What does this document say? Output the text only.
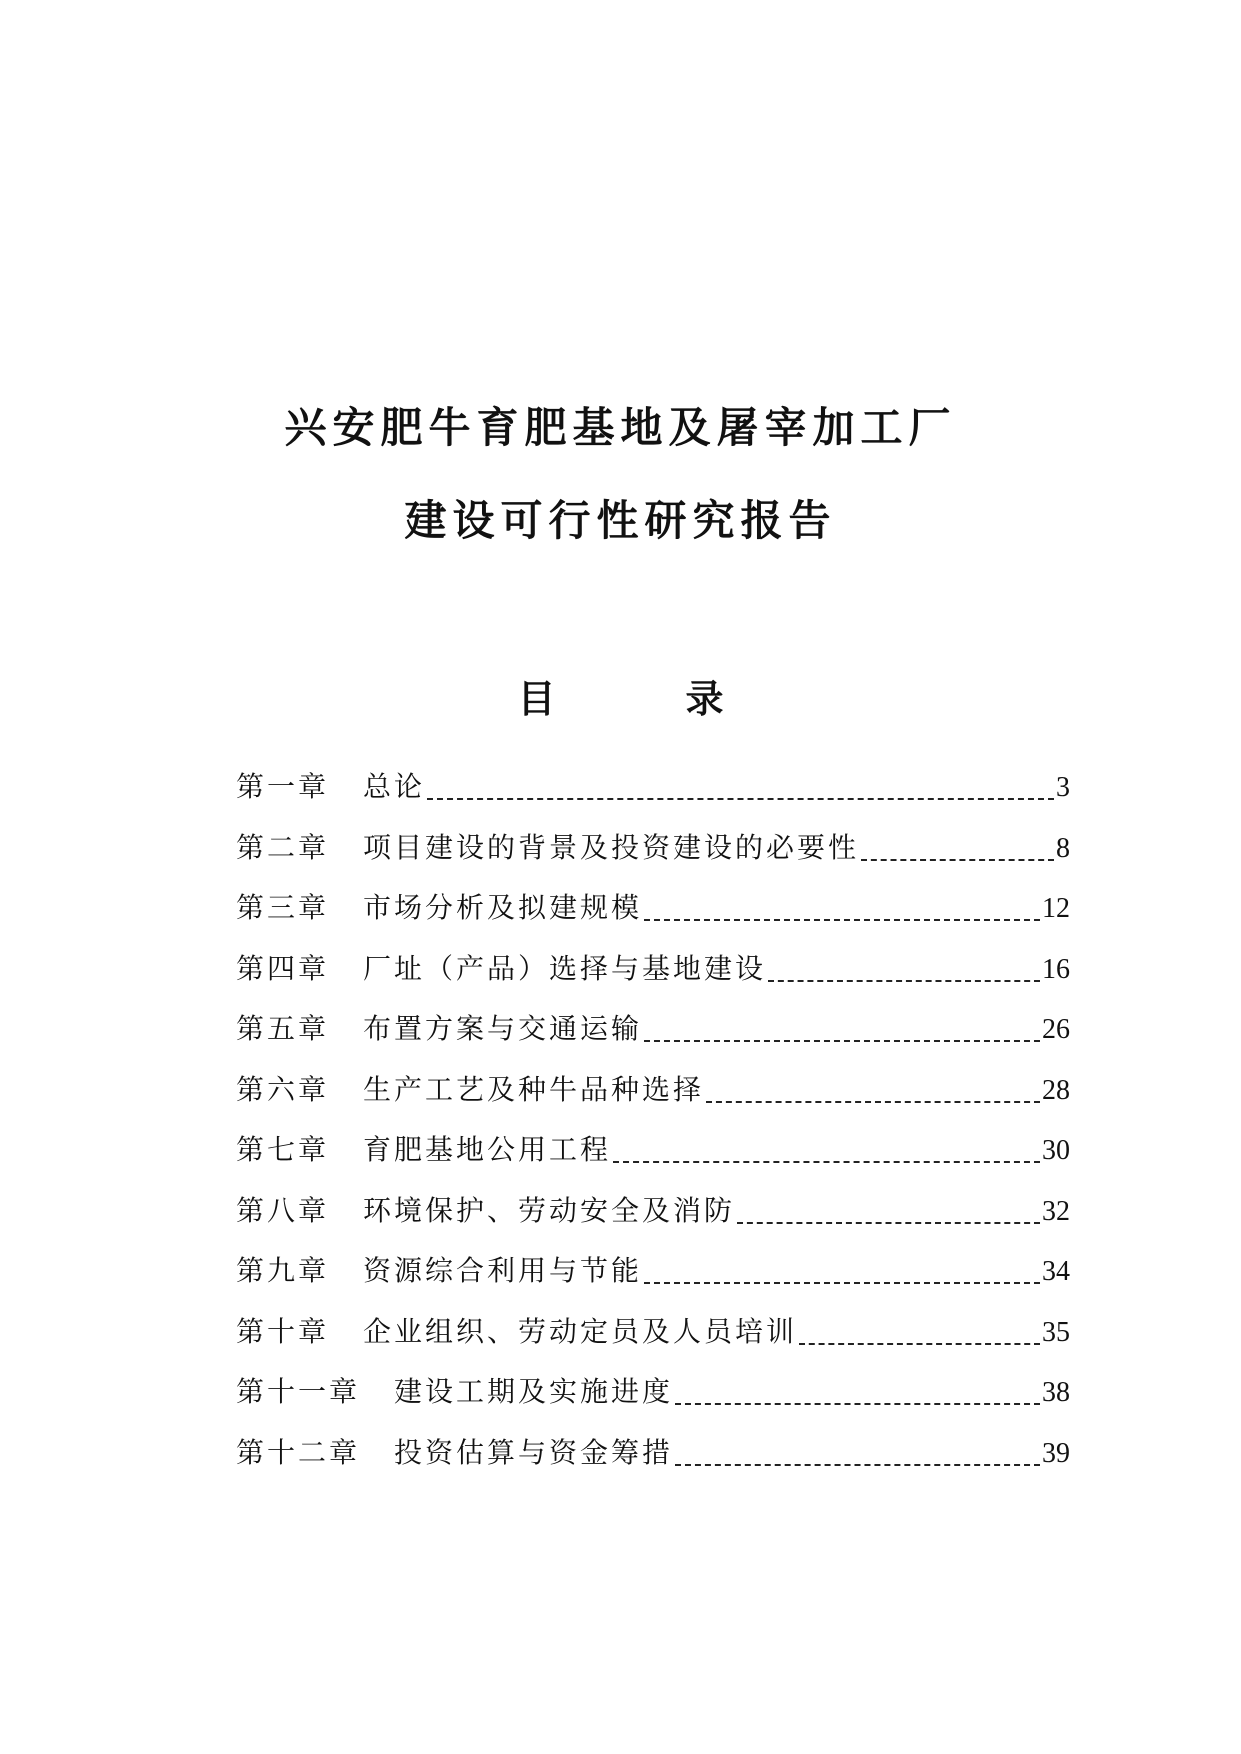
兴安肥牛育肥基地及屠宰加工厂
建设可行性研究报告
目	录
第一章 总论	3
第二章 项目建设的背景及投资建设的必要性	8
第三章 市场分析及拟建规模	12
第四章 厂址（产品）选择与基地建设	16
第五章 布置方案与交通运输	26
第六章 生产工艺及种牛品种选择	28
第七章 育肥基地公用工程	30
第八章 环境保护、劳动安全及消防	32
第九章 资源综合利用与节能	34
第十章 企业组织、劳动定员及人员培训	35
第十一章 建设工期及实施进度	38
第十二章 投资估算与资金筹措	39
